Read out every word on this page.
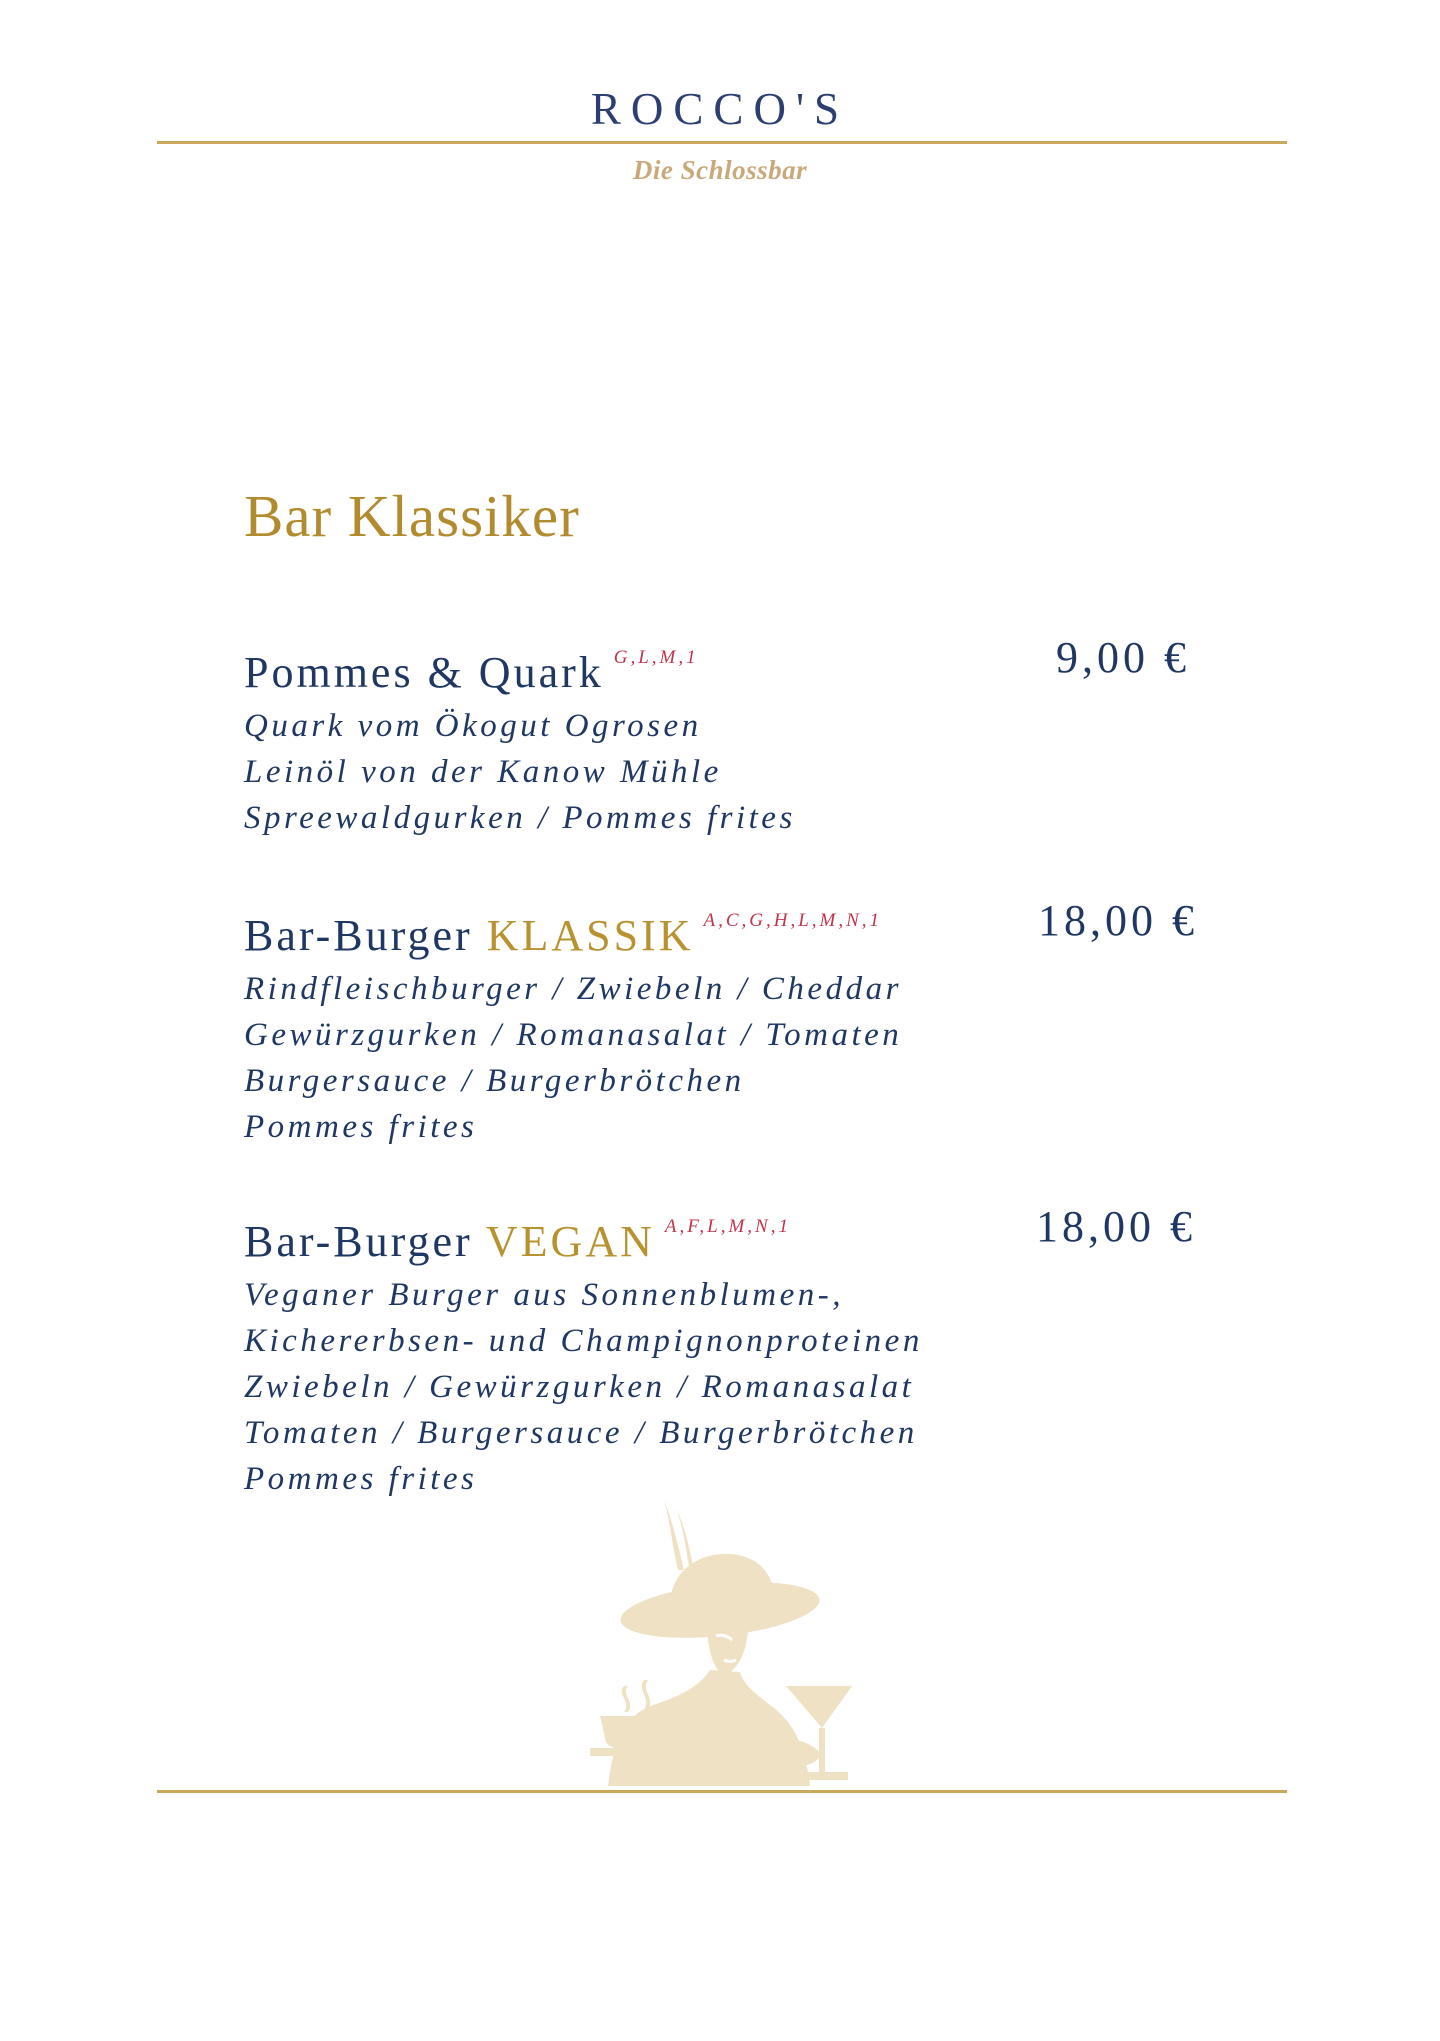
ROCCO'S
Die Schlossbar
Bar Klassiker
Pommes & Quark $^{G,L,M,1}$	9,00 €
Quark vom Ökogut Ogrosen
Leinöl von der Kanow Mühle
Spreewaldgurken / Pommes frites
Bar-Burger KLASSIK $^{A,C,G,H,L,M,N,1}$	18,00 €
Rindfleischburger / Zwiebeln / Cheddar
Gewürzgurken / Romanasalat / Tomaten
Burgersauce / Burgerbrötchen
Pommes frites
Bar-Burger VEGAN $^{A,F,L,M,N,1}$	18,00 €
Veganer Burger aus Sonnenblumen-,
Kichererbsen- und Champignonproteinen
Zwiebeln / Gewürzgurken / Romanasalat
Tomaten / Burgersauce / Burgerbrötchen
Pommes frites
